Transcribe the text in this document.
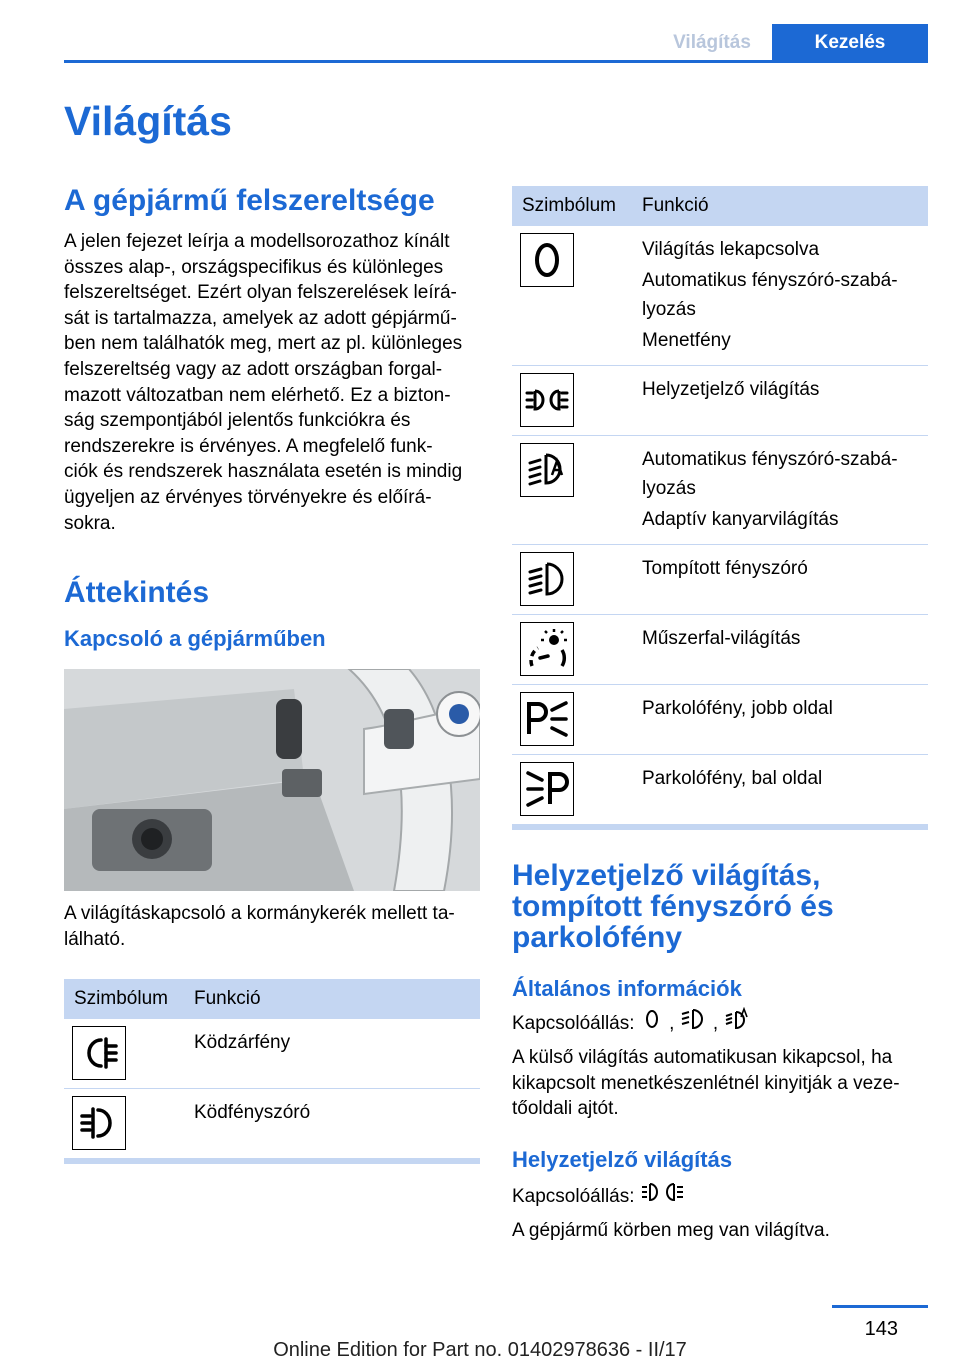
Világítás	Kezelés
Világítás
A gépjármű felszereltsége

A jelen fejezet leírja a modellsorozathoz kínált

összes alap-, országspecifikus és különleges

felszereltséget. Ezért olyan felszerelések leírá-

sát is tartalmazza, amelyek az adott gépjármű-

ben nem találhatók meg, mert az pl. különleges

felszereltség vagy az adott országban forgal-

mazott változatban nem elérhető. Ez a bizton-

ság szempontjából jelentős funkciókra és

rendszerekre is érvényes. A megfelelő funk-

ciók és rendszerek használata esetén is mindig

ügyeljen az érvényes törvényekre és előírá-

sokra.

Áttekintés
Kapcsoló a gépjárműben

A világításkapcsoló a kormánykerék mellett ta-

lálható.

Szimbólum	Funkció

Ködzárfény

Ködfényszóró
Szimbólum	Funkció

Világítás lekapcsolva
Automatikus fényszóró-szabá-
lyozás
Menetfény

Helyzetjelző világítás

Automatikus fényszóró-szabá-
lyozás
Adaptív kanyarvilágítás

Tompított fényszóró

Műszerfal-világítás

Parkolófény, jobb oldal

Parkolófény, bal oldal
Helyzetjelző világítás,
tompított fényszóró és
parkolófény
Általános információk

Kapcsolóállás:  ,  ,

A külső világítás automatikusan kikapcsol, ha

kikapcsolt menetkészenlétnél kinyitják a veze-

tőoldali ajtót.

Helyzetjelző világítás

Kapcsolóállás:

A gépjármű körben meg van világítva.

143
Online Edition for Part no. 01402978636 - II/17
